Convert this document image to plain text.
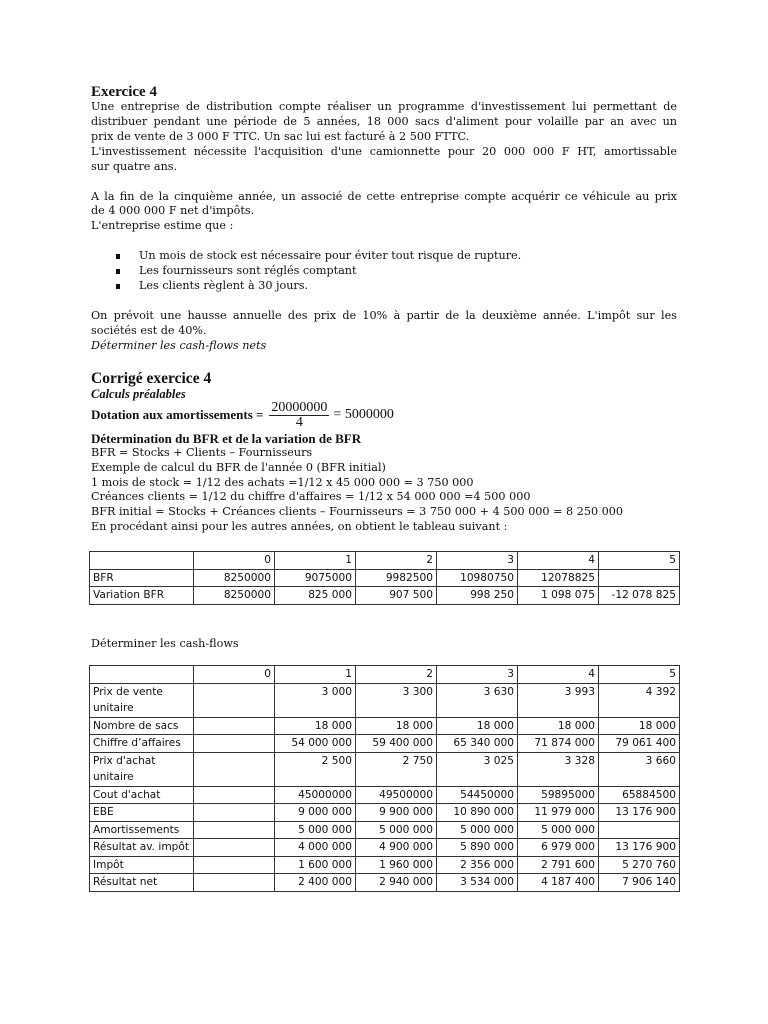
Exercice 4

Une entreprise de distribution compte réaliser un programme d'investissement lui permettant de

distribuer pendant une période de 5 années, 18 000 sacs d'aliment pour volaille par an avec un

prix de vente de 3 000 F TTC. Un sac lui est facturé à 2 500 FTTC.

L'investissement nécessite l'acquisition d'une camionnette pour 20 000 000 F HT, amortissable

sur quatre ans.

A la fin de la cinquième année, un associé de cette entreprise compte acquérir ce véhicule au prix

de 4 000 000 F net d'impôts.

L'entreprise estime que :

Un mois de stock est nécessaire pour éviter tout risque de rupture.
Les fournisseurs sont réglés comptant
Les clients règlent à 30 jours.

On prévoit une hausse annuelle des prix de 10% à partir de la deuxième année. L'impôt sur les

sociétés est de 40%.

Déterminer les cash-flows nets

Corrigé exercice 4
Calculs préalables
Dotation aux amortissements = $\frac{20000000}{4} = 5000000$
Détermination du BFR et de la variation de BFR

BFR = Stocks + Clients – Fournisseurs

Exemple de calcul du BFR de l'année 0 (BFR initial)

1 mois de stock = 1/12 des achats =1/12 x 45 000 000 = 3 750 000

Créances clients = 1/12 du chiffre d'affaires = 1/12 x 54 000 000 =4 500 000

BFR initial = Stocks + Créances clients – Fournisseurs = 3 750 000 + 4 500 000 = 8 250 000

En procédant ainsi pour les autres années, on obtient le tableau suivant :

	0	1	2	3	4	5
BFR	8250000	9075000	9982500	10980750	12078825	
Variation BFR	8250000	825 000	907 500	998 250	1 098 075	-12 078 825
Déterminer les cash-flows
	0	1	2	3	4	5
Prix de vente unitaire		3 000	3 300	3 630	3 993	4 392
Nombre de sacs		18 000	18 000	18 000	18 000	18 000
Chiffre d’affaires		54 000 000	59 400 000	65 340 000	71 874 000	79 061 400
Prix d'achat unitaire		2 500	2 750	3 025	3 328	3 660
Cout d'achat		45000000	49500000	54450000	59895000	65884500
EBE		9 000 000	9 900 000	10 890 000	11 979 000	13 176 900
Amortissements		5 000 000	5 000 000	5 000 000	5 000 000	
Résultat av. impôt		4 000 000	4 900 000	5 890 000	6 979 000	13 176 900
Impôt		1 600 000	1 960 000	2 356 000	2 791 600	5 270 760
Résultat net		2 400 000	2 940 000	3 534 000	4 187 400	7 906 140
